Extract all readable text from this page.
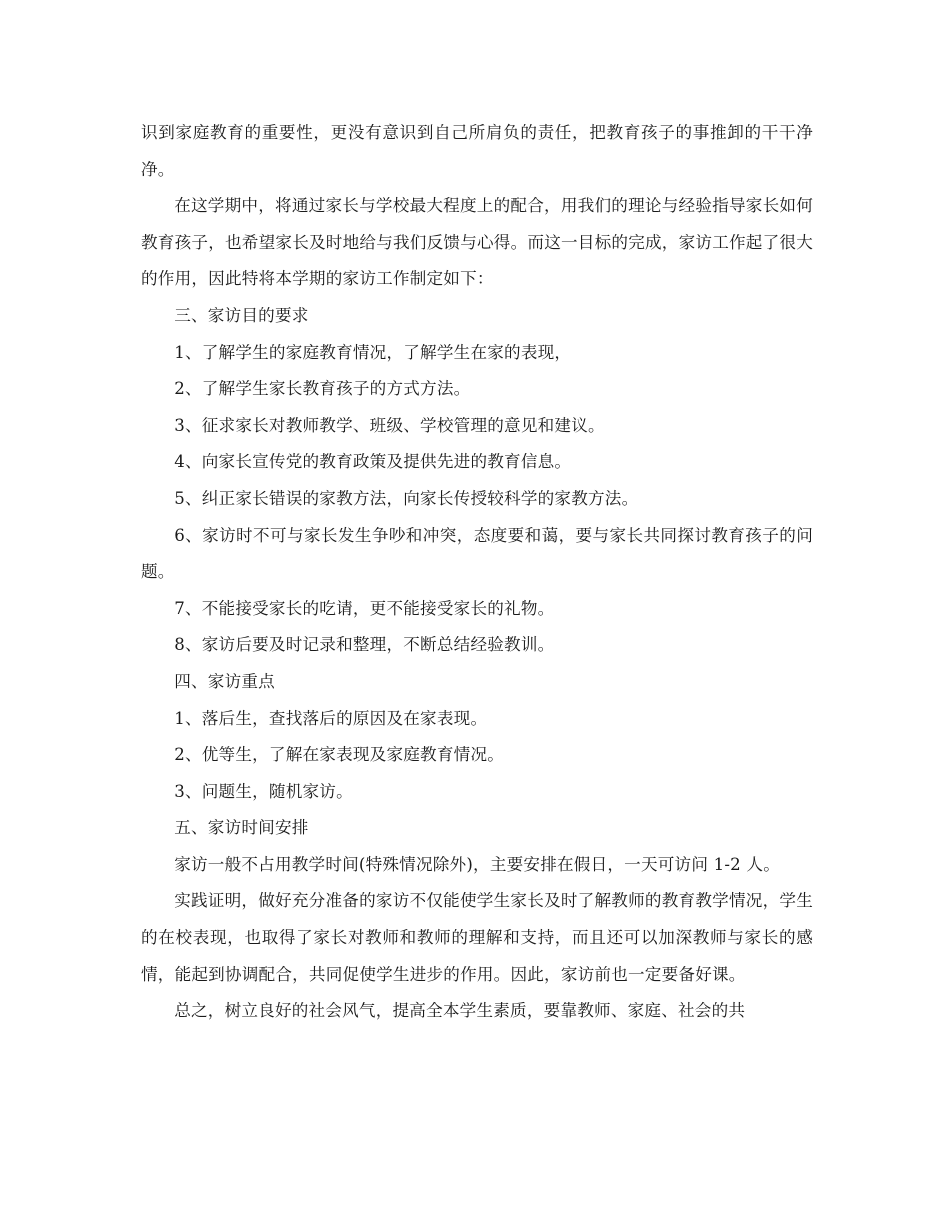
识到家庭教育的重要性，更没有意识到自己所肩负的责任，把教育孩子的事推卸的干干净净。

在这学期中，将通过家长与学校最大程度上的配合，用我们的理论与经验指导家长如何教育孩子，也希望家长及时地给与我们反馈与心得。而这一目标的完成，家访工作起了很大的作用，因此特将本学期的家访工作制定如下：

三、家访目的要求

1、了解学生的家庭教育情况，了解学生在家的表现，

2、了解学生家长教育孩子的方式方法。

3、征求家长对教师教学、班级、学校管理的意见和建议。

4、向家长宣传党的教育政策及提供先进的教育信息。

5、纠正家长错误的家教方法，向家长传授较科学的家教方法。

6、家访时不可与家长发生争吵和冲突，态度要和蔼，要与家长共同探讨教育孩子的问题。

7、不能接受家长的吃请，更不能接受家长的礼物。

8、家访后要及时记录和整理，不断总结经验教训。

四、家访重点

1、落后生，查找落后的原因及在家表现。

2、优等生，了解在家表现及家庭教育情况。

3、问题生，随机家访。

五、家访时间安排

家访一般不占用教学时间(特殊情况除外)，主要安排在假日，一天可访问 1-2 人。

实践证明，做好充分准备的家访不仅能使学生家长及时了解教师的教育教学情况，学生的在校表现，也取得了家长对教师和教师的理解和支持，而且还可以加深教师与家长的感情，能起到协调配合，共同促使学生进步的作用。因此，家访前也一定要备好课。

总之，树立良好的社会风气，提高全本学生素质，要靠教师、家庭、社会的共
